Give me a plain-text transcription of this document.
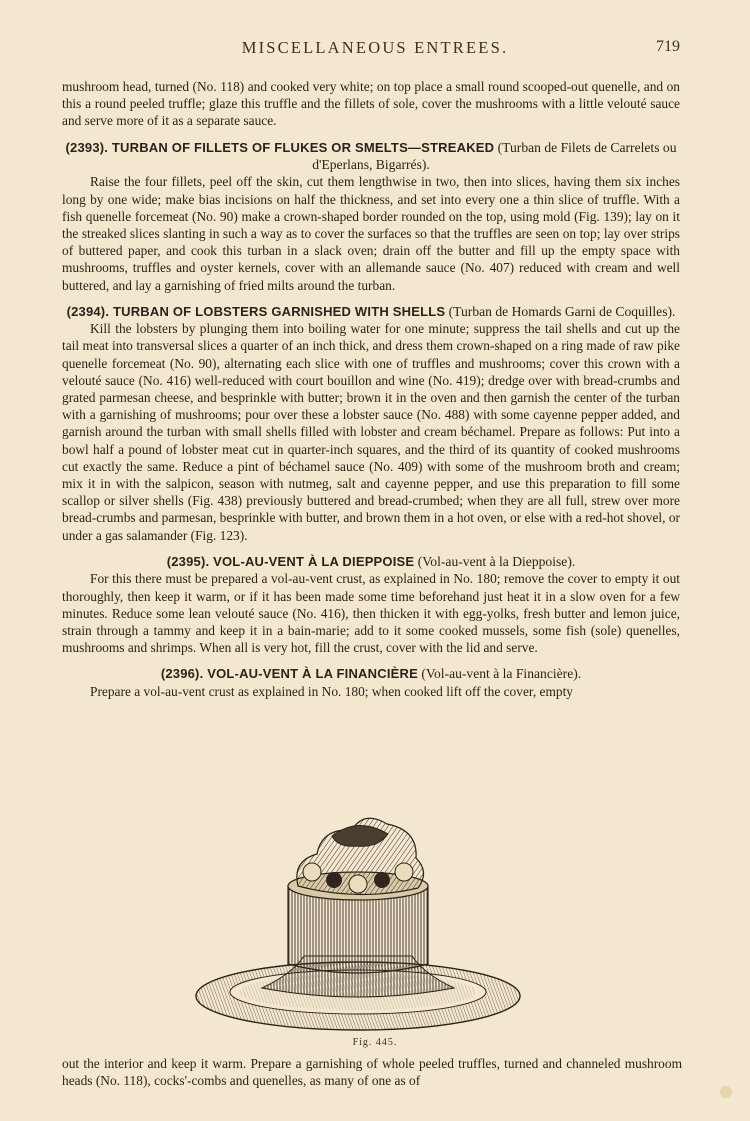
MISCELLANEOUS ENTREES.	719

mushroom head, turned (No. 118) and cooked very white; on top place a small round scooped-out quenelle, and on this a round peeled truffle; glaze this truffle and the fillets of sole, cover the mushrooms with a little velouté sauce and serve more of it as a separate sauce.

(2393). TURBAN OF FILLETS OF FLUKES OR SMELTS—STREAKED (Turban de Filets de Carrelets ou d'Eperlans, Bigarrés).

Raise the four fillets, peel off the skin, cut them lengthwise in two, then into slices, having them six inches long by one wide; make bias incisions on half the thickness, and set into every one a thin slice of truffle. With a fish quenelle forcemeat (No. 90) make a crown-shaped border rounded on the top, using mold (Fig. 139); lay on it the streaked slices slanting in such a way as to cover the surfaces so that the truffles are seen on top; lay over strips of buttered paper, and cook this turban in a slack oven; drain off the butter and fill up the empty space with mushrooms, truffles and oyster kernels, cover with an allemande sauce (No. 407) reduced with cream and well buttered, and lay a garnishing of fried milts around the turban.

(2394). TURBAN OF LOBSTERS GARNISHED WITH SHELLS (Turban de Homards Garni de Coquilles).

Kill the lobsters by plunging them into boiling water for one minute; suppress the tail shells and cut up the tail meat into transversal slices a quarter of an inch thick, and dress them crown-shaped on a ring made of raw pike quenelle forcemeat (No. 90), alternating each slice with one of truffles and mushrooms; cover this crown with a velouté sauce (No. 416) well-reduced with court bouillon and wine (No. 419); dredge over with bread-crumbs and grated parmesan cheese, and besprinkle with butter; brown it in the oven and then garnish the center of the turban with a garnishing of mushrooms; pour over these a lobster sauce (No. 488) with some cayenne pepper added, and garnish around the turban with small shells filled with lobster and cream béchamel. Prepare as follows: Put into a bowl half a pound of lobster meat cut in quarter-inch squares, and the third of its quantity of cooked mushrooms cut exactly the same. Reduce a pint of béchamel sauce (No. 409) with some of the mushroom broth and cream; mix it in with the salpicon, season with nutmeg, salt and cayenne pepper, and use this preparation to fill some scallop or silver shells (Fig. 438) previously buttered and bread-crumbed; when they are all full, strew over more bread-crumbs and parmesan, besprinkle with butter, and brown them in a hot oven, or else with a red-hot shovel, or under a gas salamander (Fig. 123).

(2395). VOL-AU-VENT À LA DIEPPOISE (Vol-au-vent à la Dieppoise).

For this there must be prepared a vol-au-vent crust, as explained in No. 180; remove the cover to empty it out thoroughly, then keep it warm, or if it has been made some time beforehand just heat it in a slow oven for a few minutes. Reduce some lean velouté sauce (No. 416), then thicken it with egg-yolks, fresh butter and lemon juice, strain through a tammy and keep it in a bain-marie; add to it some cooked mussels, some fish (sole) quenelles, mushrooms and shrimps. When all is very hot, fill the crust, cover with the lid and serve.

(2396). VOL-AU-VENT À LA FINANCIÈRE (Vol-au-vent à la Financière).

Prepare a vol-au-vent crust as explained in No. 180; when cooked lift off the cover, empty

Fig. 445.

out the interior and keep it warm. Prepare a garnishing of whole peeled truffles, turned and channeled mushroom heads (No. 118), cocks'-combs and quenelles, as many of one as of
